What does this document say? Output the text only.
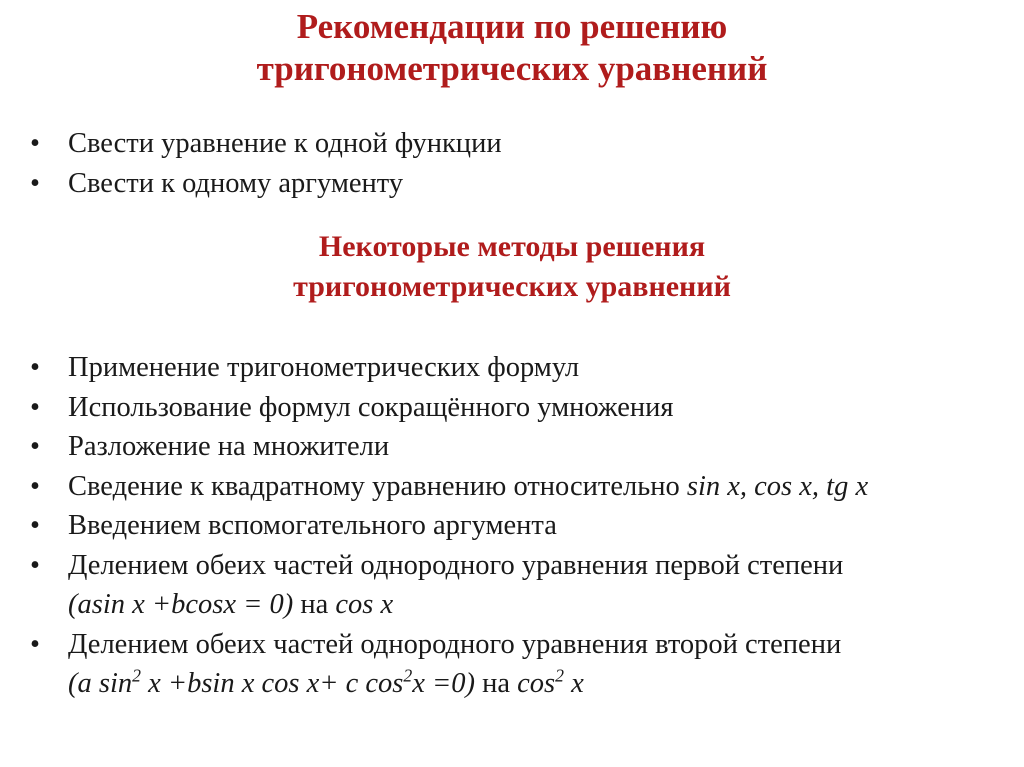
Рекомендации по решению
тригонометрических уравнений
• Свести уравнение к одной функции
• Свести к одному аргументу
Некоторые методы решения
тригонометрических уравнений
• Применение тригонометрических формул
• Использование формул сокращённого умножения
• Разложение на множители
• Сведение к квадратному уравнению относительно sin x, cos x, tg x
• Введением вспомогательного аргумента
• Делением обеих частей однородного уравнения первой степени
(asin x +bcosx = 0) на cos x
• Делением обеих частей однородного уравнения второй степени
(a $\sin^2 x +bsin$ x cos x+ c $\cos^2x =0$) на $\cos^2 x$
